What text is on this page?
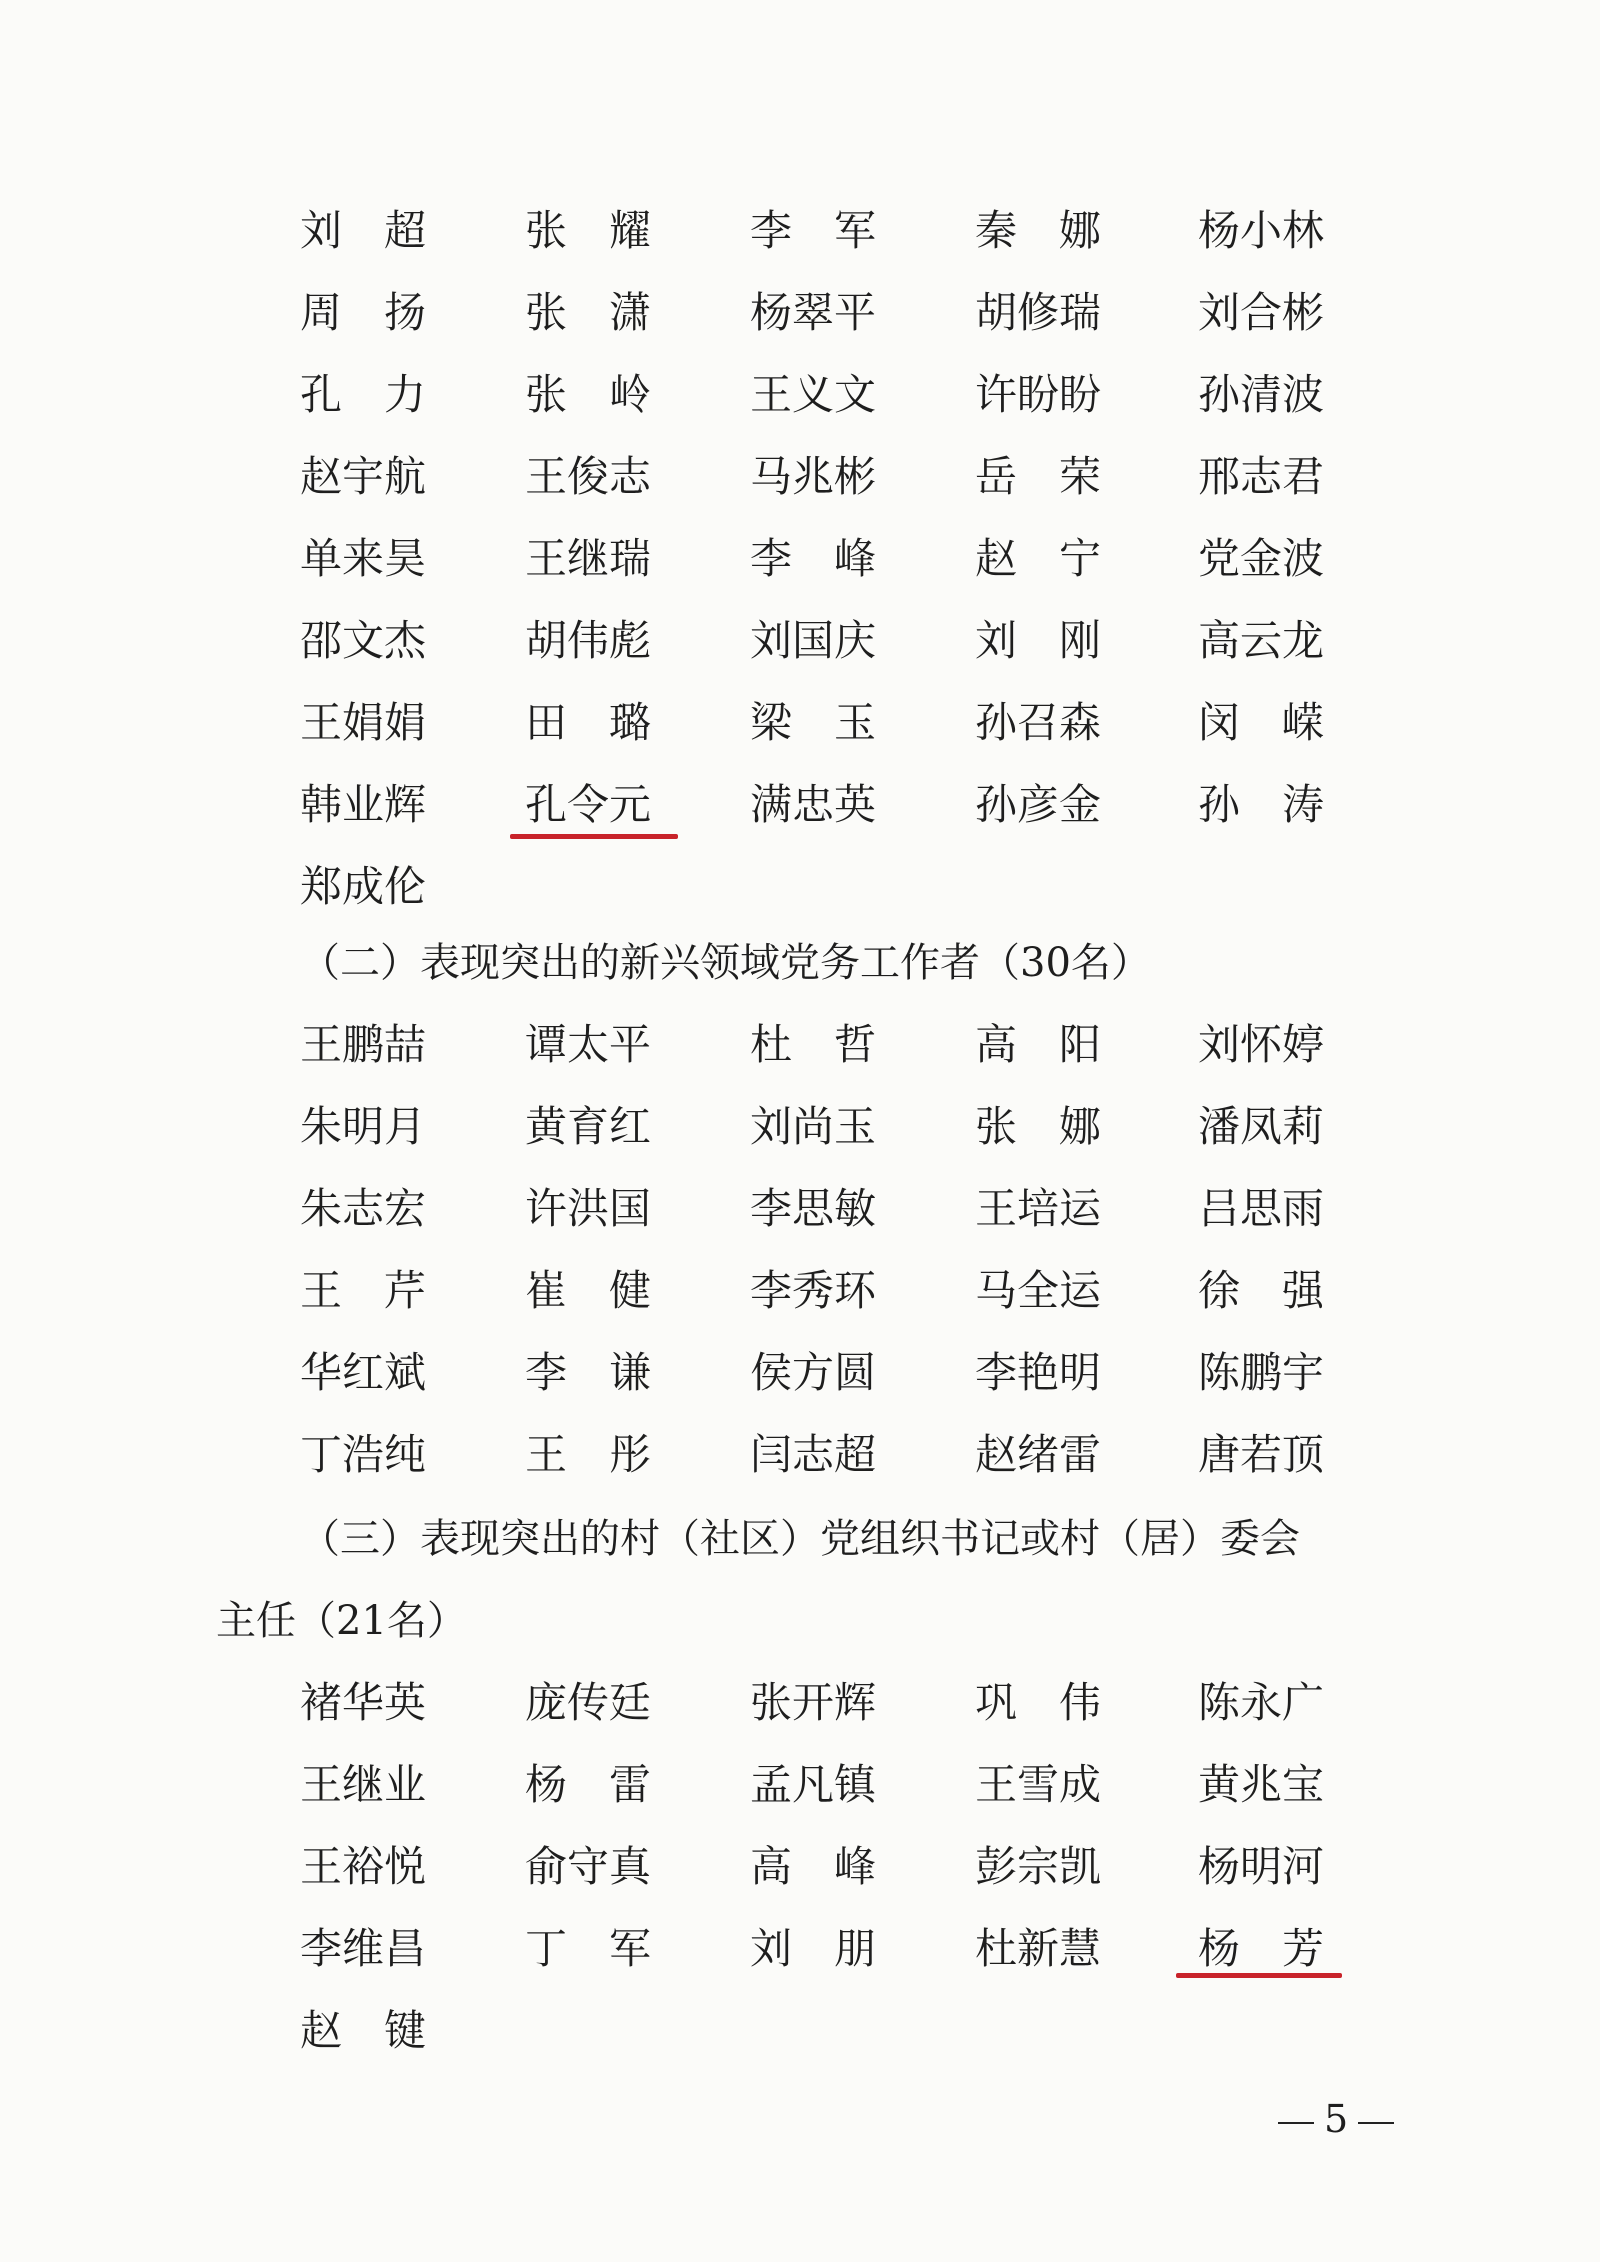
刘　超 张　耀 李　军 秦　娜 杨小林
周　扬 张　潇 杨翠平 胡修瑞 刘合彬
孔　力 张　岭 王义文 许盼盼 孙清波
赵宇航 王俊志 马兆彬 岳　荣 邢志君
单来昊 王继瑞 李　峰 赵　宁 党金波
邵文杰 胡伟彪 刘国庆 刘　刚 高云龙
王娟娟 田　璐 梁　玉 孙召森 闵　嵘
韩业辉 孔令元 满忠英 孙彦金 孙　涛
郑成伦
（二）表现突出的新兴领域党务工作者（30名）
王鹏喆 谭太平 杜　哲 高　阳 刘怀婷
朱明月 黄育红 刘尚玉 张　娜 潘凤莉
朱志宏 许洪国 李思敏 王培运 吕思雨
王　芹 崔　健 李秀环 马全运 徐　强
华红斌 李　谦 侯方圆 李艳明 陈鹏宇
丁浩纯 王　彤 闫志超 赵绪雷 唐若顶
（三）表现突出的村（社区）党组织书记或村（居）委会
主任（21名）
褚华英 庞传廷 张开辉 巩　伟 陈永广
王继业 杨　雷 孟凡镇 王雪成 黄兆宝
王裕悦 俞守真 高　峰 彭宗凯 杨明河
李维昌 丁　军 刘　朋 杜新慧 杨　芳
赵　键
5
